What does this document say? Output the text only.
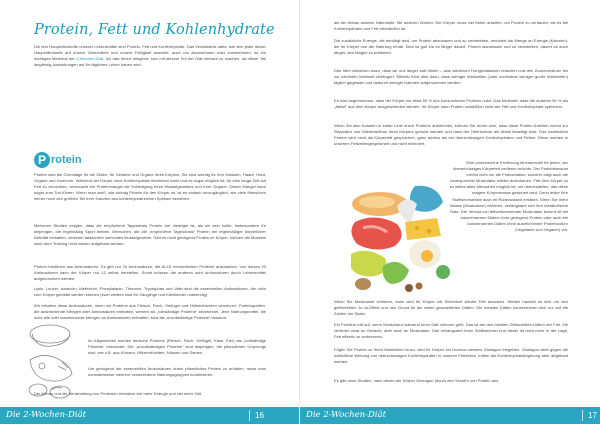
Protein, Fett und Kohlenhydrate
Die drei Hauptnährstoffe unserer Lebensmittel sind Protein, Fett und Kohlenhydrate. Das Verständnis dafür, wie sich jeder dieser Hauptnährstoffe auf unsere Gesundheit und unsere Fähigkeit auswirkt, auch um abzunehmen oder zuzunehmen, ist ein wichtiges Merkmal der 2-Wochen-Diät. Ich rate Ihnen dringend, sich mit diesem Teil der Diät vertraut zu machen, da dieser Teil langfristig Auswirkungen auf Ihr tägliches Leben haben wird.
P rotein
Protein sind die Grundlage für die Zellen, für Gewebe und Organe Ihres Körpers. Sie sind wichtig für Ihre Muskeln, Haare, Haut, Organe und Hormone. Während der Körper ohne Kohlenhydrate überleben kann und es sogar möglich ist, für eine lange Zeit auf Fett zu verzichten, verursacht ein Proteinmangel die Schädigung Ihres Muskelgewebes und Ihrer Organe. Dieser Mangel kann sogar zum Tod führen. Wenn man weiß, wie wichtig Protein für den Körper ist, ist es einfach umzugänglich, wie viele Menschen immer noch den größten Teil ihrer Kalorien aus kohlenhydratreichen Speisen beziehen.
Mehreren Studien zeigten, dass die empfohlene Tagesdosis Protein viel niedriger ist, als sie sein sollte. Insbesondere für diejenigen, die regelmäßig Sport treiben. Menschen, die die „empfohlene Tagesdosis“ Protein bei regelmäßiger körperlicher Aktivität einhalten, verlieren tatsächlich wertvolles Muskelgewebe. Gibt es nicht genügend Protein im Körper, können die Muskeln nach dem Training nicht wieder aufgebaut werden.
Protein bestehen aus Aminosäuren. Es gibt nur 20 Aminosäuren, die ALLE menschlichen Proteine ausmachen. Von diesen 20 Aminosäuren kann der Körper nur 12 selbst herstellen. Somit müssen die anderen acht Aminosäuren durch Lebensmittel aufgenommen werden.
Lysin, Leucin, Isoleucin, Methionin, Phenylalanin, Threonin, Tryptophan und Valin sind die essenziellen Aminosäuren, die nicht vom Körper gebildet werden können (zwei weitere sind für Säuglinge und Kleinkinder notwendig).
Wir erhalten diese Aminosäuren, wenn wir Proteine aus Fleisch, Fisch, Geflügel und Hülsenfrüchten verzehren. Proteinquellen, die ausreichende Mengen aller Aminosäuren enthalten, werden als „vollständige Proteine“ bezeichnet. Jene Nahrungsmittel, die nicht alle oder ausreichende Mengen an Aminosäuren enthalten, sind als „unvollständige Proteine“ bekannt.
Im Allgemeinen werden tierische Proteine (Fleisch, Fisch, Geflügel, Käse, Eier) als „vollständige Proteine“ betrachtet. Die „unvollständigen Proteine“ sind diejenigen, die pflanzlichen Ursprungs sind, wie z.B. aus Körnern, Hülsenfrüchten, Nüssen und Samen.
Um genügend der essenziellen Aminosäuren durch pflanzliches Protein zu erhalten, muss man normalerweise mehrere verschiedene Nahrungsgruppen kombinieren.
Der Abbau und die Verarbeitung von Proteinen erfordern viel mehr Energie und viel mehr Zeit
als der Abbau anderer Nährstoffe. Mit anderen Worten: Der Körper muss viel härter arbeiten, um Protein zu verdauen, als es bei Kohlenhydraten und Fett erforderlich ist.
Die zusätzliche Energie, die benötigt wird, um Protein abzubauen und zu verarbeiten, reduziert die Menge an Energie (Kalorien), die Ihr Körper von der Nahrung erhält. Dies ist gut! Da es länger dauert, Protein abzubauen und zu verarbeiten, dauert es auch länger, den Magen zu entleeren.
Das führt wiederum dazu, dass wir uns länger satt fühlen – was wiederum Hungerattacken reduziert und den Zuckerzustrom bis zur nächsten Mahlzeit verlängert. Effektiv führt dies dazu, dass weniger Mahlzeiten (oder zumindest weniger große Mahlzeiten) täglich gegessen und dadurch weniger Kalorien aufgenommen werden.
Es wird angenommen, dass der Körper nur etwa 50 % des konsumierten Proteins nutzt. Das bedeutet, dass die anderen 50 % als „Abfall“ aus dem Körper ausgeschieden werden. Ihr Körper kann Protein schließlich nicht wie Fett und Kohlenhydrate speichern.
Wenn Sie also Kalorien in erster Linie durch Proteine aufnehmen, können Sie sicher sein, dass diese Protein-Kalorien zuerst zur Reparatur und Wiederaufbau Ihres Körpers genutzt werden und dass der Überschuss als Abfall beseitigt wird. Das zusätzliche Protein wird nicht als Körperfett gespeichert, ganz anders als bei überschüssigen Kohlenhydraten und Fetten. Diese werden in unserem Fettzellengespeichert und nicht eliminiert.
Eine proteinreiche Ernährung ist essenziell für jeden, der überschüssiges Körperfett verlieren möchte. Der Proteinkonsum erhöht nicht nur die Fettoxidation, sondern trägt auch die beanspruchte Muskulatur wieder aufzubauen, Fett dem Körper zu so selten alles Menschen möglich ist, um überzustellen, das diese magere Körpermasse gesichert wird. Denn leider Ihre Stoffwechselrate auch im Ruhezustand erhalten. Wenn Sie mehr Masse (Muskulatur) verlieren, verlangsamt sich Ihre metabolische Rate. Der Verlust von fettverbrennender Muskulatur kommt oft bei kalorienarmen Diäten ohne genügend Protein oder auch bei kalorienarmen Diäten ohne ausreichender Proteinzufuhr (Vegetarier und Veganer) vor.
Wenn Sie Muskulatur verlieren, dann wird Ihr Körper mit Sicherheit wieder Fett ansetzen. Hierbei handelt es sich um den gefürchteten Jo-Jo-Effekt und den Grund für die vielen gescheiterten Diäten. Die meisten Diäten konzentrieren sich nur auf die Zahlen der Skala.
Ein Problem tritt auf, wenn Muskulatur während einer Diät verloren geht. Das ist bei den meisten Zeitschriften-Diäten der Fall. Sie verlieren zwar an Gewicht, aber auch an Muskulatur. Das verlangsamt Ihren Stoffwechsel und dieser ist nicht mehr in der Lage, Fett effektiv zu verbrennen.
Fügen Sie Protein zu Ihren Mahlzeiten hinzu, wird Ihr Körper ein Hormon namens Glukagon freigeben. Glukagon wirkt gegen die schädliche Wirkung von überschüssigen Kohlenhydraten in unseren Fettzellen, indem die Kohlenhydratsteigerung aber abgebaut werden.
Es gibt neue Studien, nach denen der Körper Glukagon (durch den Verzehr von Protein aus
Die 2-Wochen-Diät	16	Die 2-Wochen-Diät	17
